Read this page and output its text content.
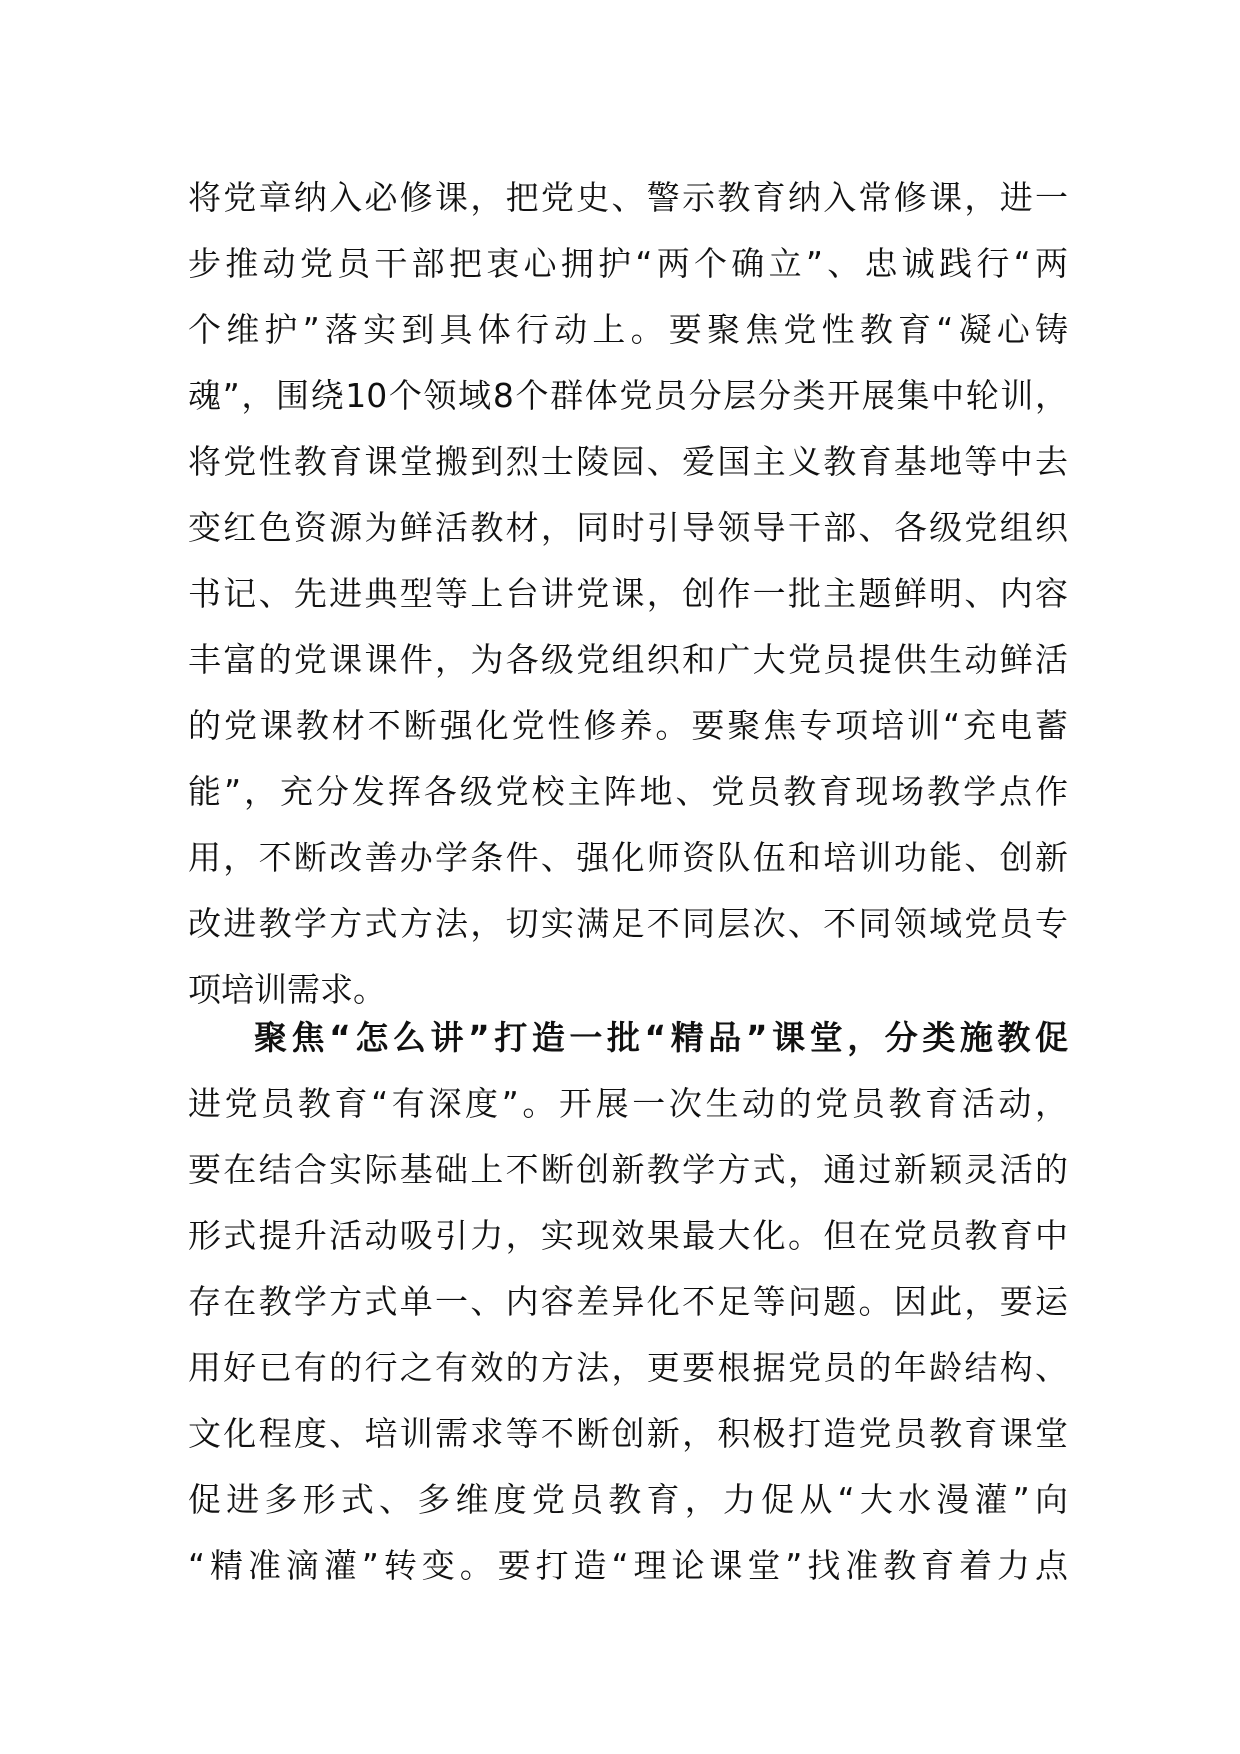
将党章纳入必修课，把党史、警示教育纳入常修课，进一
步推动党员干部把衷心拥护“两个确立”、忠诚践行“两
个维护”落实到具体行动上。要聚焦党性教育“凝心铸
魂”，围绕10个领域8个群体党员分层分类开展集中轮训，
将党性教育课堂搬到烈士陵园、爱国主义教育基地等中去
变红色资源为鲜活教材，同时引导领导干部、各级党组织
书记、先进典型等上台讲党课，创作一批主题鲜明、内容
丰富的党课课件，为各级党组织和广大党员提供生动鲜活
的党课教材不断强化党性修养。要聚焦专项培训“充电蓄
能”，充分发挥各级党校主阵地、党员教育现场教学点作
用，不断改善办学条件、强化师资队伍和培训功能、创新
改进教学方式方法，切实满足不同层次、不同领域党员专
项培训需求。
聚焦“怎么讲”打造一批“精品”课堂，分类施教促
进党员教育“有深度”。开展一次生动的党员教育活动，
要在结合实际基础上不断创新教学方式，通过新颖灵活的
形式提升活动吸引力，实现效果最大化。但在党员教育中
存在教学方式单一、内容差异化不足等问题。因此，要运
用好已有的行之有效的方法，更要根据党员的年龄结构、
文化程度、培训需求等不断创新，积极打造党员教育课堂
促进多形式、多维度党员教育，力促从“大水漫灌”向
“精准滴灌”转变。要打造“理论课堂”找准教育着力点
